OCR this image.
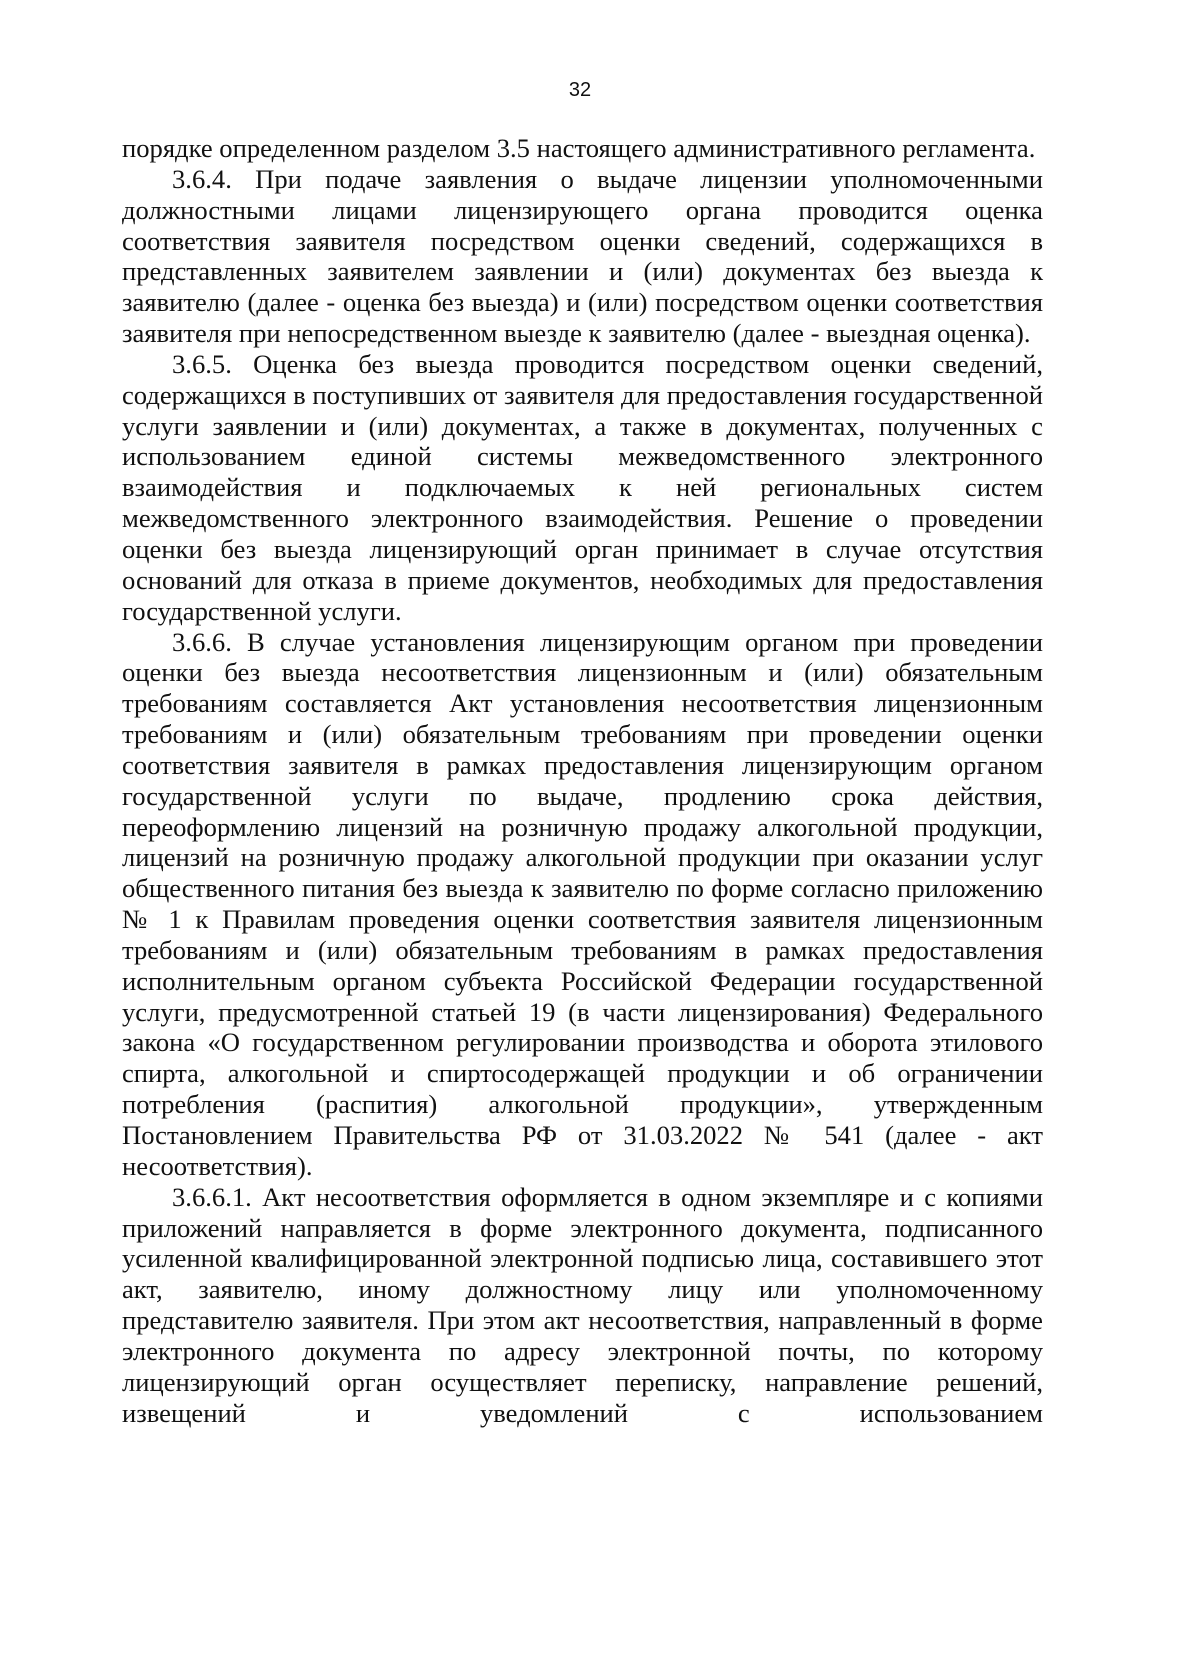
32

порядке определенном разделом 3.5 настоящего административного регламента.

3.6.4. При подаче заявления о выдаче лицензии уполномоченными должностными лицами лицензирующего органа проводится оценка соответствия заявителя посредством оценки сведений, содержащихся в представленных заявителем заявлении и (или) документах без выезда к заявителю (далее - оценка без выезда) и (или) посредством оценки соответствия заявителя при непосредственном выезде к заявителю (далее - выездная оценка).

3.6.5. Оценка без выезда проводится посредством оценки сведений, содержащихся в поступивших от заявителя для предоставления государственной услуги заявлении и (или) документах, а также в документах, полученных с использованием единой системы межведомственного электронного взаимодействия и подключаемых к ней региональных систем межведомственного электронного взаимодействия. Решение о проведении оценки без выезда лицензирующий орган принимает в случае отсутствия оснований для отказа в приеме документов, необходимых для предоставления государственной услуги.

3.6.6. В случае установления лицензирующим органом при проведении оценки без выезда несоответствия лицензионным и (или) обязательным требованиям составляется Акт установления несоответствия лицензионным требованиям и (или) обязательным требованиям при проведении оценки соответствия заявителя в рамках предоставления лицензирующим органом государственной услуги по выдаче, продлению срока действия, переоформлению лицензий на розничную продажу алкогольной продукции, лицензий на розничную продажу алкогольной продукции при оказании услуг общественного питания без выезда к заявителю по форме согласно приложению № 1 к Правилам проведения оценки соответствия заявителя лицензионным требованиям и (или) обязательным требованиям в рамках предоставления исполнительным органом субъекта Российской Федерации государственной услуги, предусмотренной статьей 19 (в части лицензирования) Федерального закона «О государственном регулировании производства и оборота этилового спирта, алкогольной и спиртосодержащей продукции и об ограничении потребления (распития) алкогольной продукции», утвержденным Постановлением Правительства РФ от 31.03.2022 № 541 (далее - акт несоответствия).

3.6.6.1. Акт несоответствия оформляется в одном экземпляре и с копиями приложений направляется в форме электронного документа, подписанного усиленной квалифицированной электронной подписью лица, составившего этот акт, заявителю, иному должностному лицу или уполномоченному представителю заявителя. При этом акт несоответствия, направленный в форме электронного документа по адресу электронной почты, по которому лицензирующий орган осуществляет переписку, направление решений, извещений и уведомлений с использованием
